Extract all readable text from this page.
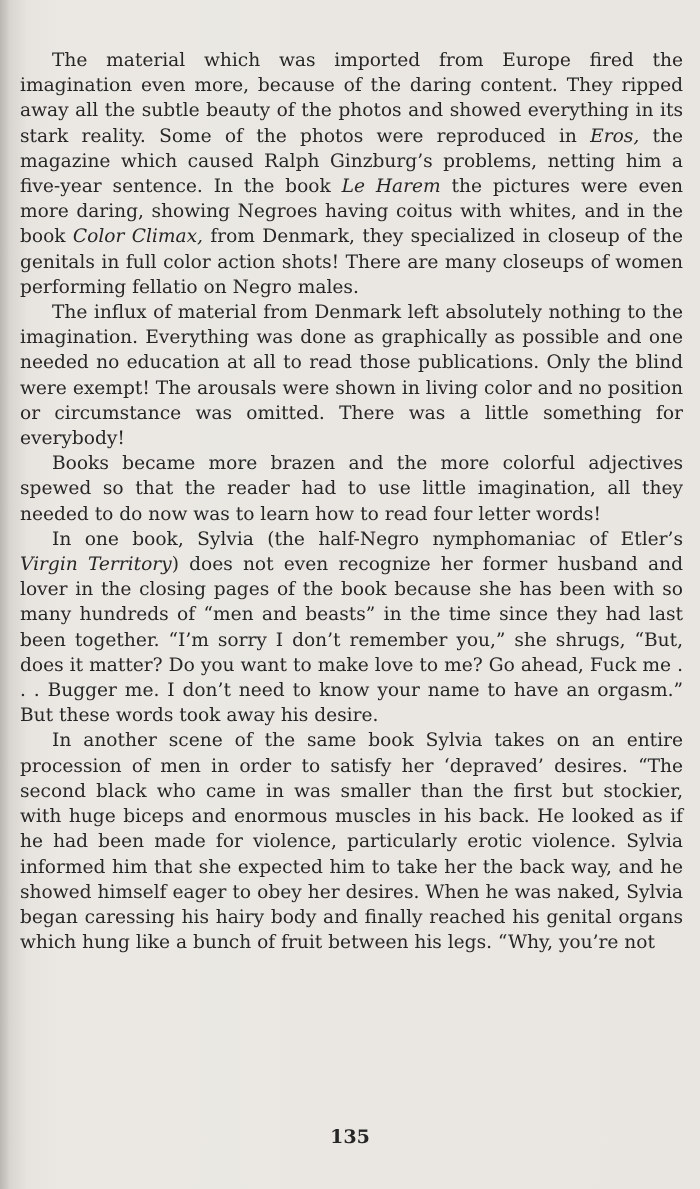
The material which was imported from Europe fired the imagination even more, because of the daring content. They ripped away all the subtle beauty of the photos and showed everything in its stark reality. Some of the photos were reproduced in Eros, the magazine which caused Ralph Ginzburg’s problems, netting him a five-year sentence. In the book Le Harem the pictures were even more daring, showing Negroes having coitus with whites, and in the book Color Climax, from Denmark, they specialized in closeup of the genitals in full color action shots! There are many closeups of women performing fellatio on Negro males.

The influx of material from Denmark left absolutely nothing to the imagination. Everything was done as graphically as possible and one needed no education at all to read those publications. Only the blind were exempt! The arousals were shown in living color and no position or circumstance was omitted. There was a little something for everybody!

Books became more brazen and the more colorful adjectives spewed so that the reader had to use little imagination, all they needed to do now was to learn how to read four letter words!

In one book, Sylvia (the half-Negro nymphomaniac of Etler’s Virgin Territory) does not even recognize her former husband and lover in the closing pages of the book because she has been with so many hundreds of “men and beasts” in the time since they had last been together. “I’m sorry I don’t remember you,” she shrugs, “But, does it matter? Do you want to make love to me? Go ahead, Fuck me . . . Bugger me. I don’t need to know your name to have an orgasm.” But these words took away his desire.

In another scene of the same book Sylvia takes on an entire procession of men in order to satisfy her ‘depraved’ desires. “The second black who came in was smaller than the first but stockier, with huge biceps and enormous muscles in his back. He looked as if he had been made for violence, particularly erotic violence. Sylvia informed him that she expected him to take her the back way, and he showed himself eager to obey her desires. When he was naked, Sylvia began caressing his hairy body and finally reached his genital organs which hung like a bunch of fruit between his legs. “Why, you’re not

135
